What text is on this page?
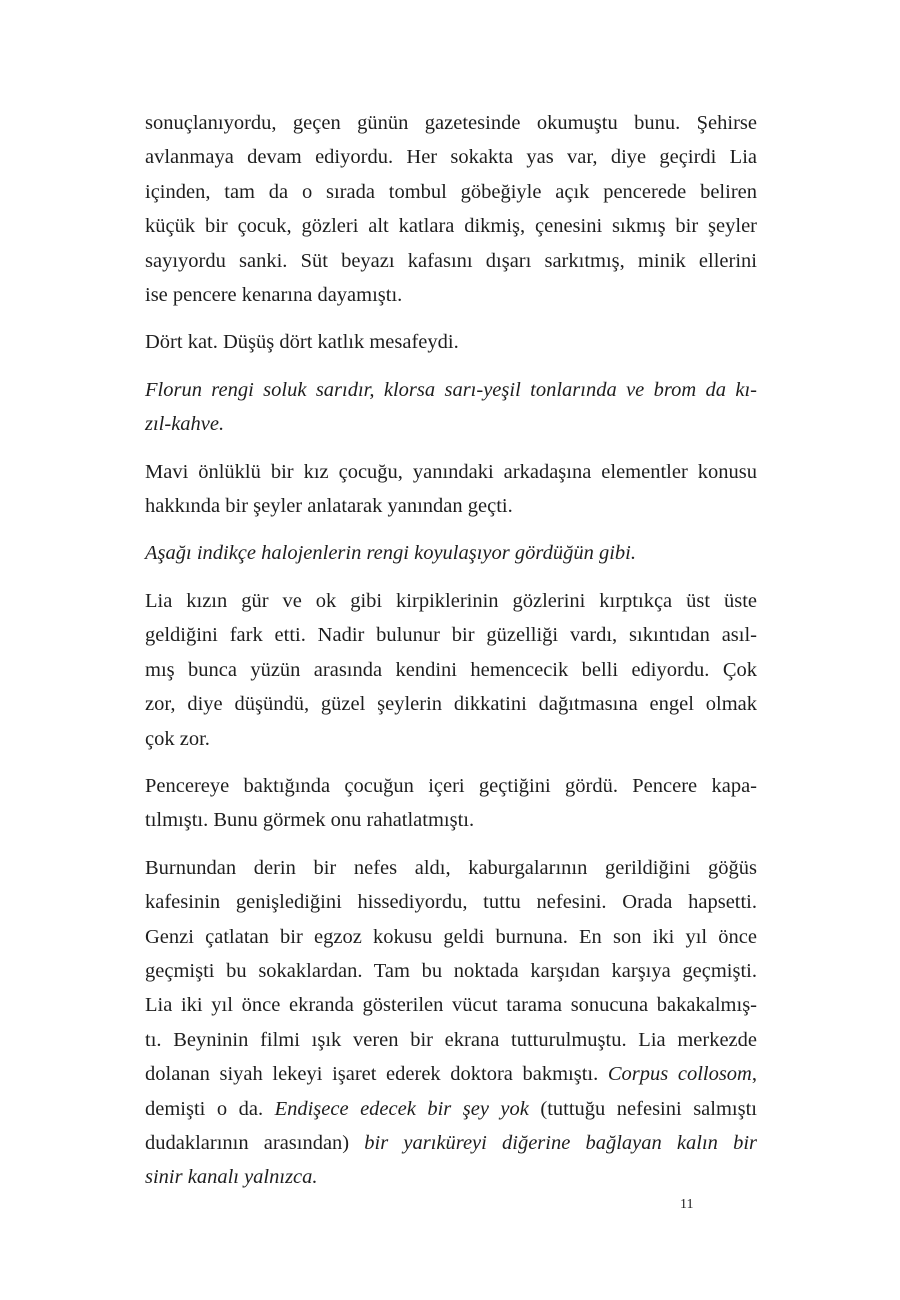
sonuçlanıyordu, geçen günün gazetesinde okumuştu bunu. Şehirse
avlanmaya devam ediyordu. Her sokakta yas var, diye geçirdi Lia
içinden, tam da o sırada tombul göbeğiyle açık pencerede beliren
küçük bir çocuk, gözleri alt katlara dikmiş, çenesini sıkmış bir şeyler
sayıyordu sanki. Süt beyazı kafasını dışarı sarkıtmış, minik ellerini
ise pencere kenarına dayamıştı.

Dört kat. Düşüş dört katlık mesafeydi.

Florun rengi soluk sarıdır, klorsa sarı-yeşil tonlarında ve brom da kı-
zıl-kahve.

Mavi önlüklü bir kız çocuğu, yanındaki arkadaşına elementler konusu
hakkında bir şeyler anlatarak yanından geçti.

Aşağı indikçe halojenlerin rengi koyulaşıyor gördüğün gibi.

Lia kızın gür ve ok gibi kirpiklerinin gözlerini kırptıkça üst üste
geldiğini fark etti. Nadir bulunur bir güzelliği vardı, sıkıntıdan asıl-
mış bunca yüzün arasında kendini hemencecik belli ediyordu. Çok
zor, diye düşündü, güzel şeylerin dikkatini dağıtmasına engel olmak
çok zor.

Pencereye baktığında çocuğun içeri geçtiğini gördü. Pencere kapa-
tılmıştı. Bunu görmek onu rahatlatmıştı.

Burnundan derin bir nefes aldı, kaburgalarının gerildiğini göğüs
kafesinin genişlediğini hissediyordu, tuttu nefesini. Orada hapsetti.
Genzi çatlatan bir egzoz kokusu geldi burnuna. En son iki yıl önce
geçmişti bu sokaklardan. Tam bu noktada karşıdan karşıya geçmişti.
Lia iki yıl önce ekranda gösterilen vücut tarama sonucuna bakakalmış-
tı. Beyninin filmi ışık veren bir ekrana tutturulmuştu. Lia merkezde
dolanan siyah lekeyi işaret ederek doktora bakmıştı. Corpus collosom,
demişti o da. Endişece edecek bir şey yok (tuttuğu nefesini salmıştı
dudaklarının arasından) bir yarıküreyi diğerine bağlayan kalın bir
sinir kanalı yalnızca.

11
